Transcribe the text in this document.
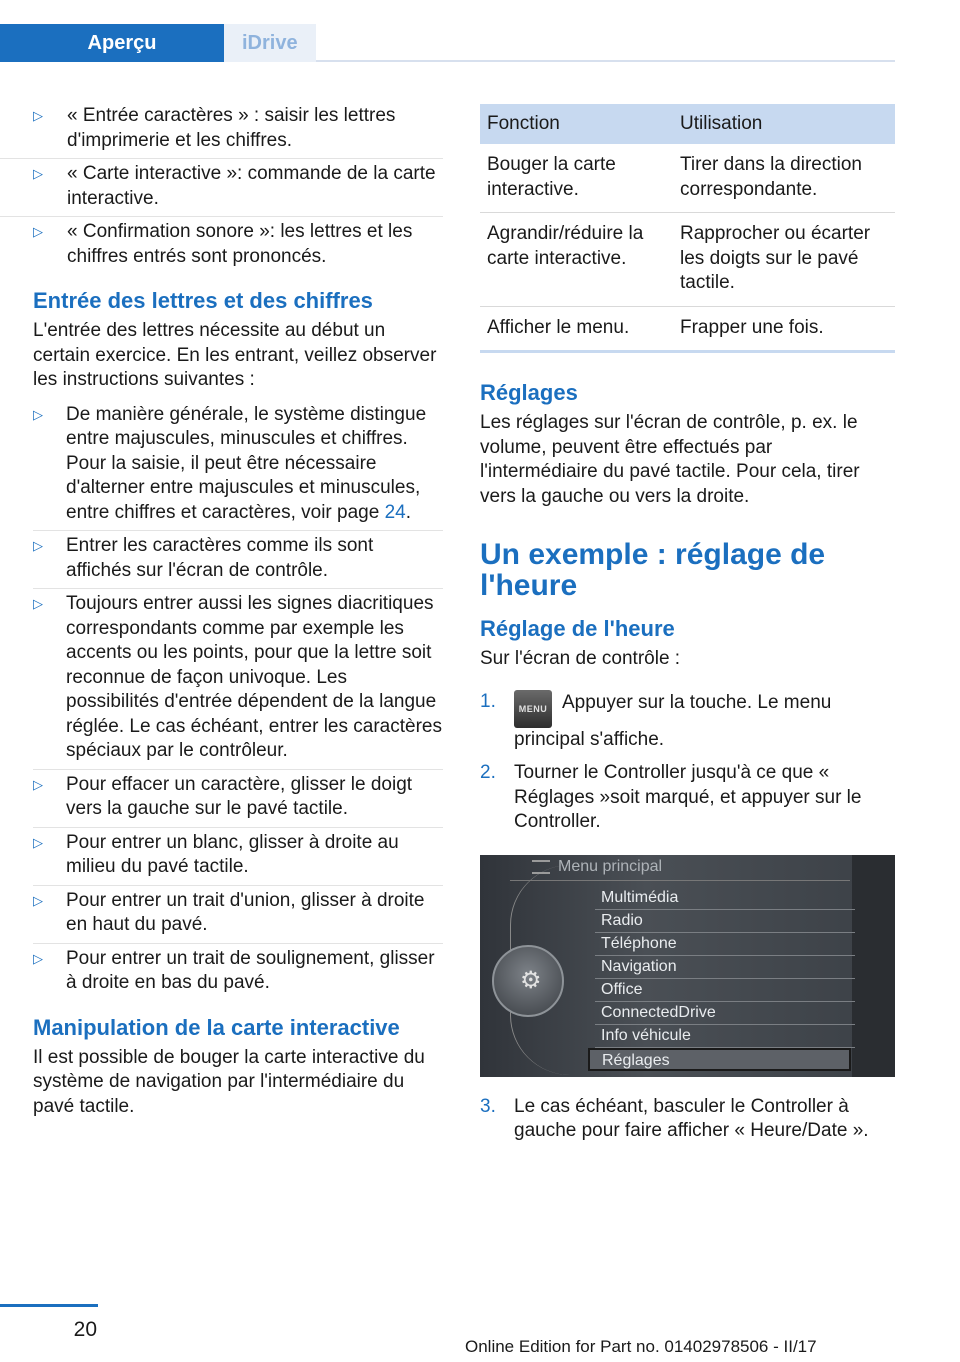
Aperçu	iDrive
▷ « Entrée caractères » : saisir les lettres d'imprimerie et les chiffres.
▷ « Carte interactive »: commande de la carte interactive.
▷ « Confirmation sonore »: les lettres et les chiffres entrés sont prononcés.
Entrée des lettres et des chiffres
L'entrée des lettres nécessite au début un certain exercice. En les entrant, veillez observer les instructions suivantes :
▷ De manière générale, le système distingue entre majuscules, minuscules et chiffres. Pour la saisie, il peut être nécessaire d'alterner entre majuscules et minuscules, entre chiffres et caractères, voir page 24.
▷ Entrer les caractères comme ils sont affichés sur l'écran de contrôle.
▷ Toujours entrer aussi les signes diacritiques correspondants comme par exemple les accents ou les points, pour que la lettre soit reconnue de façon univoque. Les possibilités d'entrée dépendent de la langue réglée. Le cas échéant, entrer les caractères spéciaux par le contrôleur.
▷ Pour effacer un caractère, glisser le doigt vers la gauche sur le pavé tactile.
▷ Pour entrer un blanc, glisser à droite au milieu du pavé tactile.
▷ Pour entrer un trait d'union, glisser à droite en haut du pavé.
▷ Pour entrer un trait de soulignement, glisser à droite en bas du pavé.
Manipulation de la carte interactive
Il est possible de bouger la carte interactive du système de navigation par l'intermédiaire du pavé tactile.
Fonction	Utilisation
Bouger la carte interactive.	Tirer dans la direction correspondante.
Agrandir/réduire la carte interactive.	Rapprocher ou écarter les doigts sur le pavé tactile.
Afficher le menu.	Frapper une fois.
Réglages
Les réglages sur l'écran de contrôle, p. ex. le volume, peuvent être effectués par l'intermédiaire du pavé tactile. Pour cela, tirer vers la gauche ou vers la droite.
Un exemple : réglage de l'heure
Réglage de l'heure
Sur l'écran de contrôle :
1.	MENU Appuyer sur la touche. Le menu principal s'affiche.
2. Tourner le Controller jusqu'à ce que « Réglages »soit marqué, et appuyer sur le Controller.
Menu principal
Multimédia
Radio
Téléphone
Navigation
Office
ConnectedDrive
Info véhicule
Réglages
⚙
3. Le cas échéant, basculer le Controller à gauche pour faire afficher « Heure/Date ».
20
Online Edition for Part no. 01402978506 - II/17
